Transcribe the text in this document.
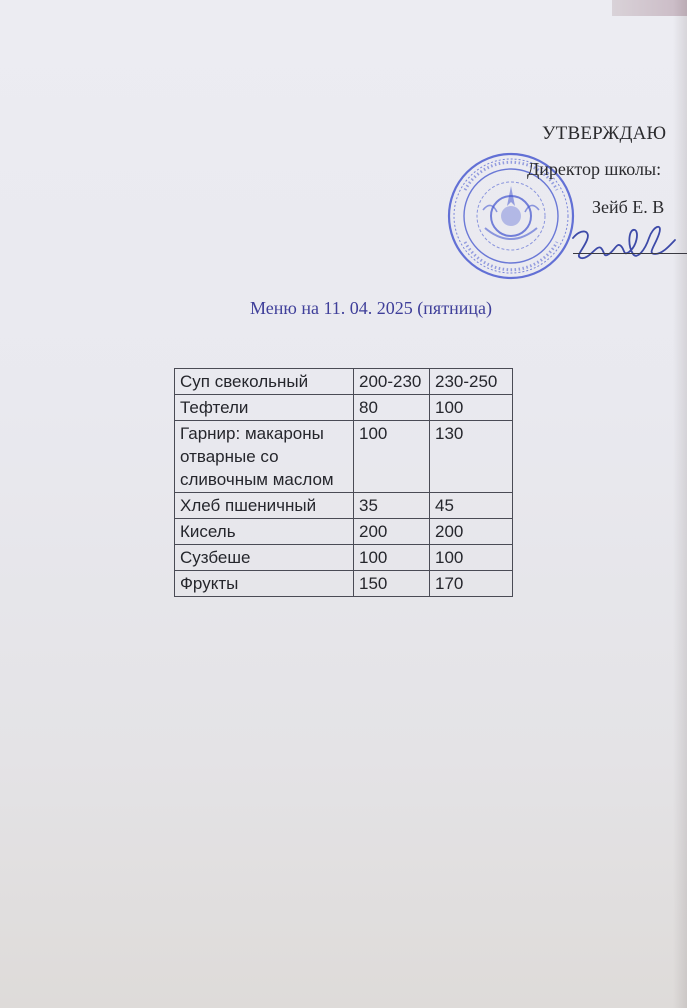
УТВЕРЖДАЮ
Директор школы:
Зейб Е. В
Меню на 11. 04. 2025 (пятница)
Суп свекольный	200-230	230-250
Тефтели	80	100
Гарнир: макароны отварные со сливочным маслом	100	130
Хлеб пшеничный	35	45
Кисель	200	200
Сузбеше	100	100
Фрукты	150	170
